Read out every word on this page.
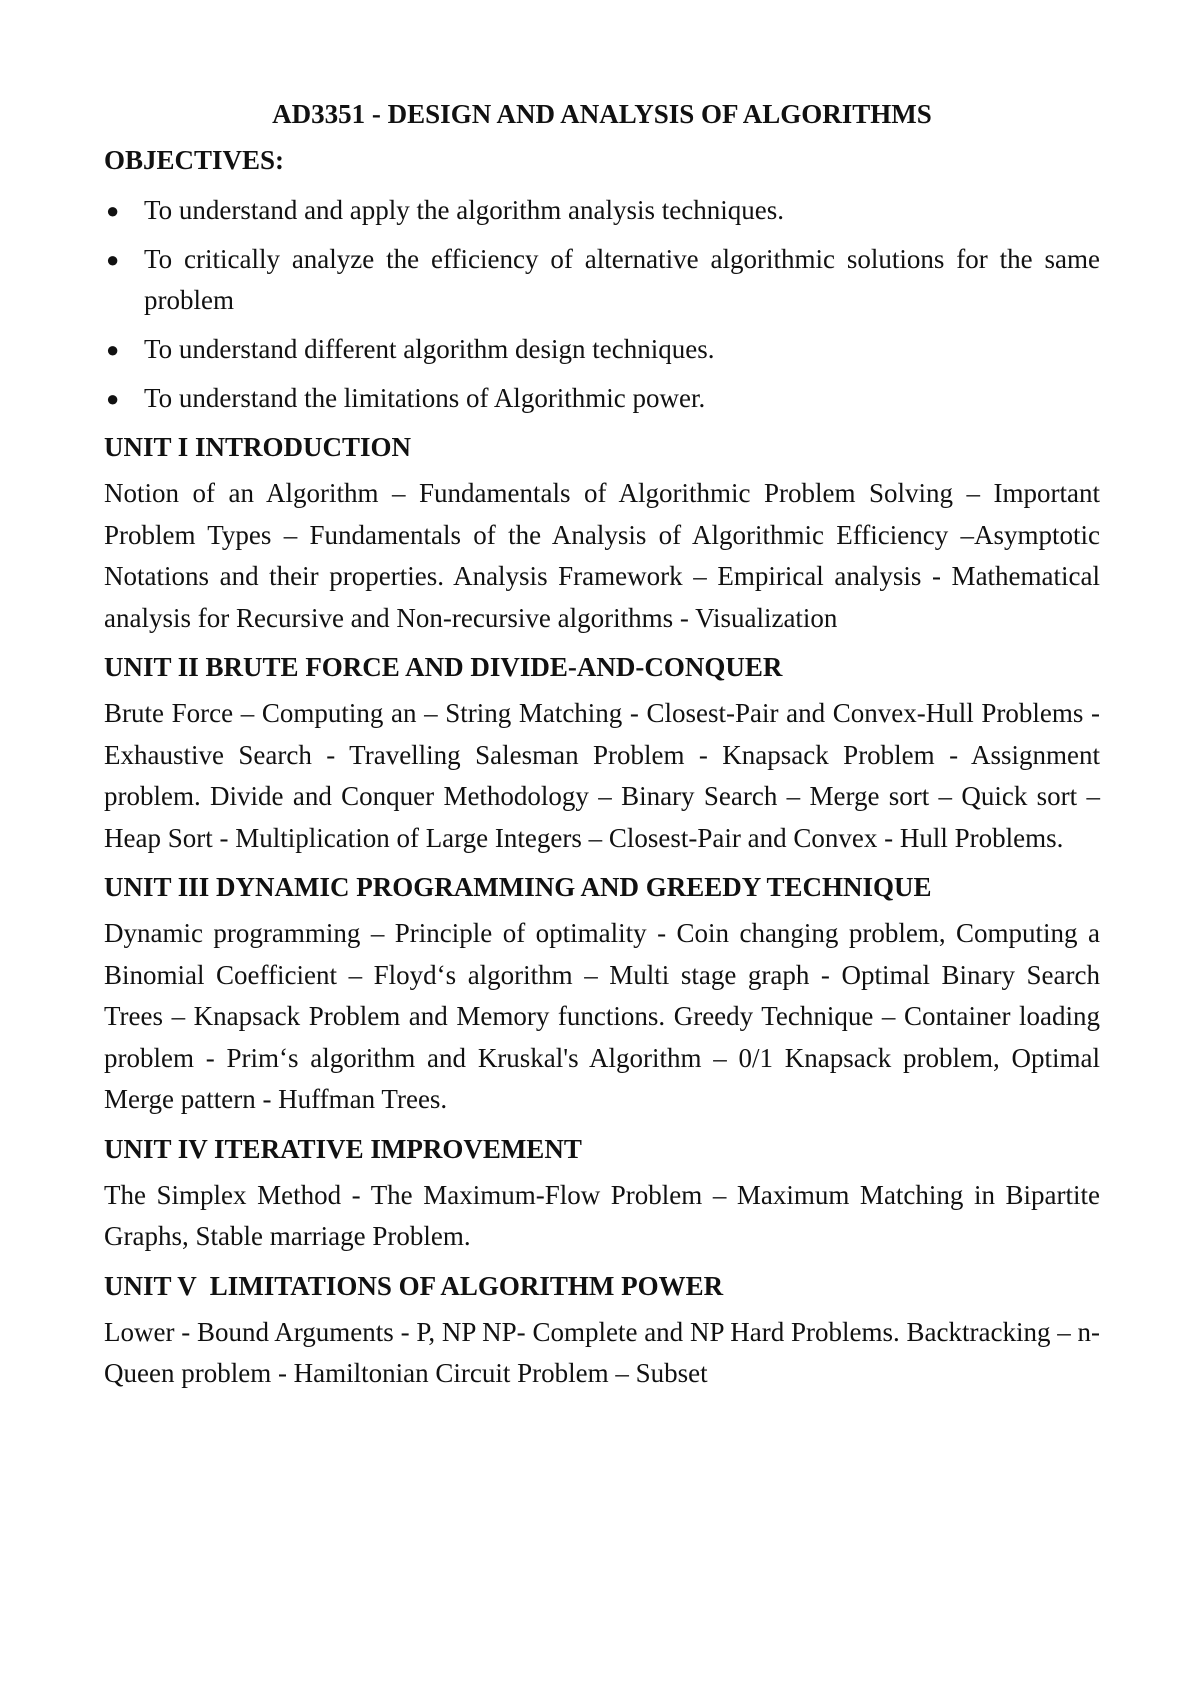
AD3351 - DESIGN AND ANALYSIS OF ALGORITHMS
OBJECTIVES:
● To understand and apply the algorithm analysis techniques.
● To critically analyze the efficiency of alternative algorithmic solutions for the same problem
● To understand different algorithm design techniques.
● To understand the limitations of Algorithmic power.
UNIT I INTRODUCTION

Notion of an Algorithm – Fundamentals of Algorithmic Problem Solving – Important Problem Types – Fundamentals of the Analysis of Algorithmic Efficiency –Asymptotic Notations and their properties. Analysis Framework – Empirical analysis - Mathematical analysis for Recursive and Non-recursive algorithms - Visualization

UNIT II BRUTE FORCE AND DIVIDE-AND-CONQUER

Brute Force – Computing an – String Matching - Closest-Pair and Convex-Hull Problems - Exhaustive Search - Travelling Salesman Problem - Knapsack Problem - Assignment problem. Divide and Conquer Methodology – Binary Search – Merge sort – Quick sort – Heap Sort - Multiplication of Large Integers – Closest-Pair and Convex - Hull Problems.

UNIT III DYNAMIC PROGRAMMING AND GREEDY TECHNIQUE

Dynamic programming – Principle of optimality - Coin changing problem, Computing a Binomial Coefficient – Floyd‘s algorithm – Multi stage graph - Optimal Binary Search Trees – Knapsack Problem and Memory functions. Greedy Technique – Container loading problem - Prim‘s algorithm and Kruskal's Algorithm – 0/1 Knapsack problem, Optimal Merge pattern - Huffman Trees.

UNIT IV ITERATIVE IMPROVEMENT

The Simplex Method - The Maximum-Flow Problem – Maximum Matching in Bipartite Graphs, Stable marriage Problem.

UNIT V  LIMITATIONS OF ALGORITHM POWER

Lower - Bound Arguments - P, NP NP- Complete and NP Hard Problems. Backtracking – n-Queen problem - Hamiltonian Circuit Problem – Subset
